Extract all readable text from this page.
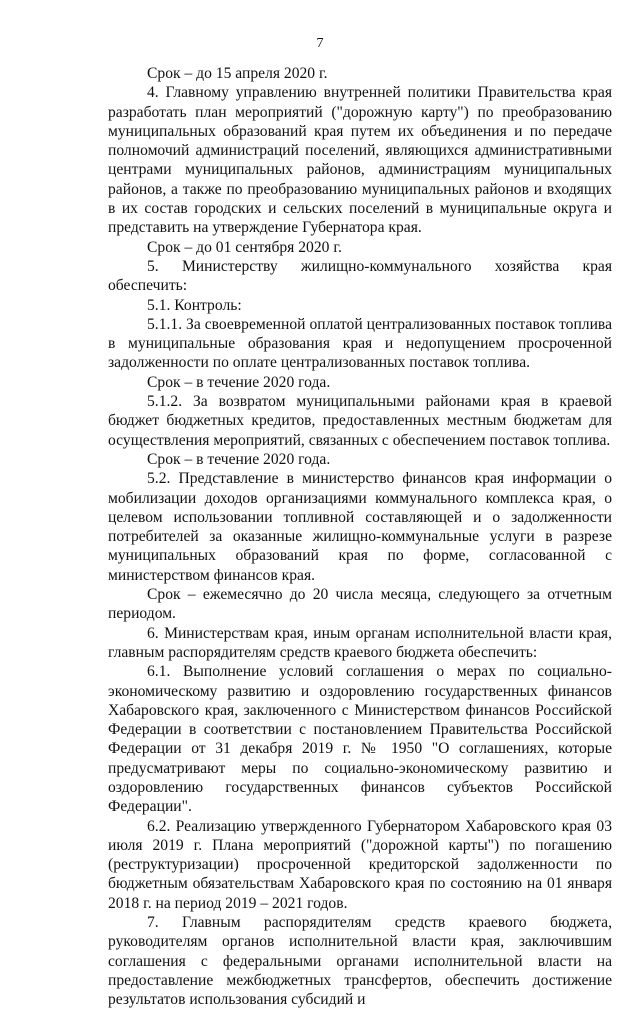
7

Срок – до 15 апреля 2020 г.

4. Главному управлению внутренней политики Правительства края разработать план мероприятий ("дорожную карту") по преобразованию муниципальных образований края путем их объединения и по передаче полномочий администраций поселений, являющихся административными центрами муниципальных районов, администрациям муниципальных районов, а также по преобразованию муниципальных районов и входящих в их состав городских и сельских поселений в муниципальные округа и представить на утверждение Губернатора края.

Срок – до 01 сентября 2020 г.

5. Министерству жилищно-коммунального хозяйства края обеспечить:

5.1. Контроль:

5.1.1. За своевременной оплатой централизованных поставок топлива в муниципальные образования края и недопущением просроченной задолженности по оплате централизованных поставок топлива.

Срок – в течение 2020 года.

5.1.2. За возвратом муниципальными районами края в краевой бюджет бюджетных кредитов, предоставленных местным бюджетам для осуществления мероприятий, связанных с обеспечением поставок топлива.

Срок – в течение 2020 года.

5.2. Представление в министерство финансов края информации о мобилизации доходов организациями коммунального комплекса края, о целевом использовании топливной составляющей и о задолженности потребителей за оказанные жилищно-коммунальные услуги в разрезе муниципальных образований края по форме, согласованной с министерством финансов края.

Срок – ежемесячно до 20 числа месяца, следующего за отчетным периодом.

6. Министерствам края, иным органам исполнительной власти края, главным распорядителям средств краевого бюджета обеспечить:

6.1. Выполнение условий соглашения о мерах по социально-экономическому развитию и оздоровлению государственных финансов Хабаровского края, заключенного с Министерством финансов Российской Федерации в соответствии с постановлением Правительства Российской Федерации от 31 декабря 2019 г. № 1950 "О соглашениях, которые предусматривают меры по социально-экономическому развитию и оздоровлению государственных финансов субъектов Российской Федерации".

6.2. Реализацию утвержденного Губернатором Хабаровского края 03 июля 2019 г. Плана мероприятий ("дорожной карты") по погашению (реструктуризации) просроченной кредиторской задолженности по бюджетным обязательствам Хабаровского края по состоянию на 01 января 2018 г. на период 2019 – 2021 годов.

7. Главным распорядителям средств краевого бюджета, руководителям органов исполнительной власти края, заключившим соглашения с федеральными органами исполнительной власти на предоставление межбюджетных трансфертов, обеспечить достижение результатов использования субсидий и
